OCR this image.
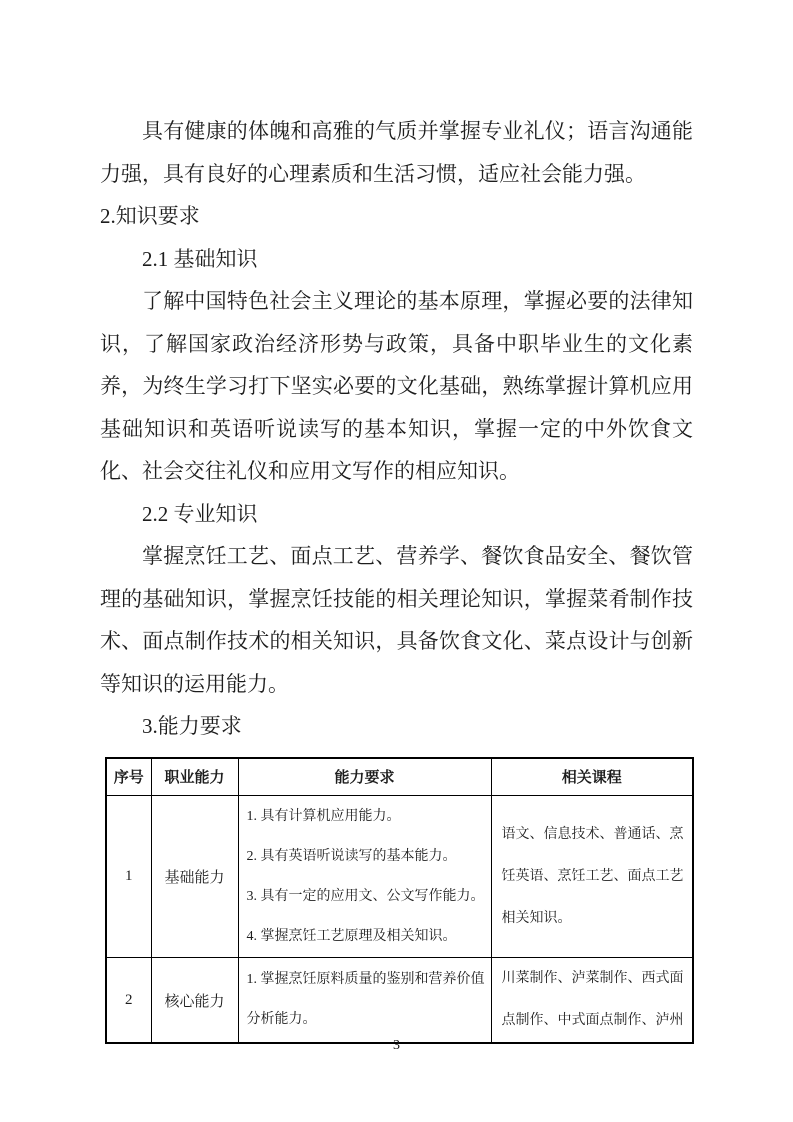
具有健康的体魄和高雅的气质并掌握专业礼仪；语言沟通能力强，具有良好的心理素质和生活习惯，适应社会能力强。

2.知识要求
2.1 基础知识

了解中国特色社会主义理论的基本原理，掌握必要的法律知识，了解国家政治经济形势与政策，具备中职毕业生的文化素养，为终生学习打下坚实必要的文化基础，熟练掌握计算机应用基础知识和英语听说读写的基本知识，掌握一定的中外饮食文化、社会交往礼仪和应用文写作的相应知识。

2.2 专业知识

掌握烹饪工艺、面点工艺、营养学、餐饮食品安全、餐饮管理的基础知识，掌握烹饪技能的相关理论知识，掌握菜肴制作技术、面点制作技术的相关知识，具备饮食文化、菜点设计与创新等知识的运用能力。

3.能力要求
序号	职业能力	能力要求	相关课程
1	基础能力	1. 具有计算机应用能力。
2. 具有英语听说读写的基本能力。
3. 具有一定的应用文、公文写作能力。
4. 掌握烹饪工艺原理及相关知识。	语文、信息技术、普通话、烹饪英语、烹饪工艺、面点工艺相关知识。
2	核心能力	1. 掌握烹饪原料质量的鉴别和营养价值分析能力。	川菜制作、泸菜制作、西式面点制作、中式面点制作、泸州
3
